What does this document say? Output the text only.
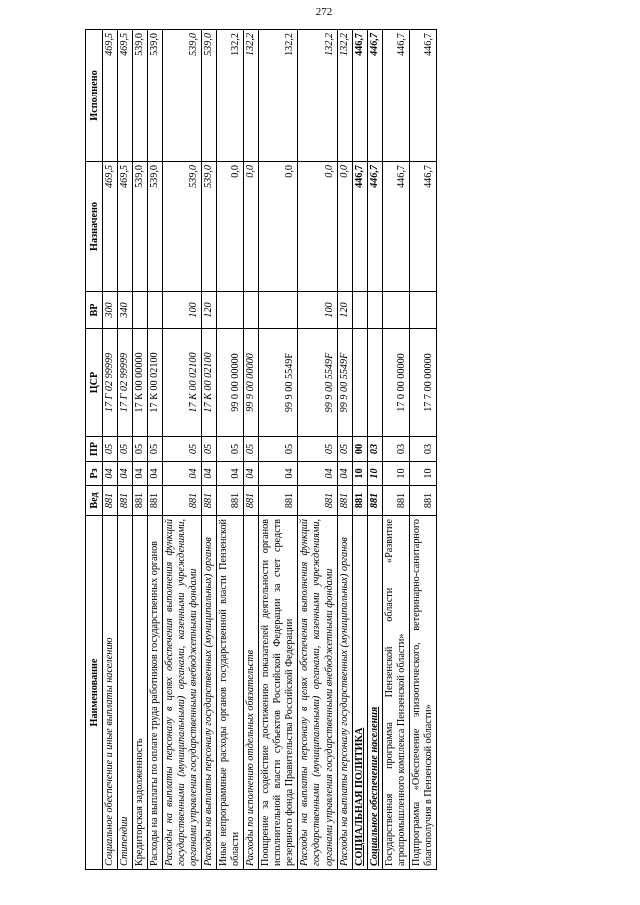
272
Наименование	Вед	Рз	ПР	ЦСР	ВР	Назначено	Исполнено
Социальное обеспечение и иные выплаты населению	881	04	05	17 Г 02 99999	300	469,5	469,5
Стипендии	881	04	05	17 Г 02 99999	340	469,5	469,5
Кредиторская задолженность	881	04	05	17 К 00 00000		539,0	539,0
Расходы на выплаты по оплате труда работников государственных органов	881	04	05	17 К 00 02100		539,0	539,0
Расходы на выплаты персоналу в целях обеспечения выполнения функций государственными (муниципальными) органами, казенными учреждениями, органами управления государственными внебюджетными фондами	881	04	05	17 К 00 02100	100	539,0	539,0
Расходы на выплаты персоналу государственных (муниципальных) органов	881	04	05	17 К 00 02100	120	539,0	539,0
Иные непрограммные расходы органов государственной власти Пензенской области	881	04	05	99 0 00 00000		0,0	132,2
Расходы по исполнению отдельных обязательств	881	04	05	99 9 00 00000		0,0	132,2
Поощрение за содействие достижению показателей деятельности органов исполнительной власти субъектов Российской Федерации за счет средств резервного фонда Правительства Российской Федерации	881	04	05	99 9 00 5549F		0,0	132,2
Расходы на выплаты персоналу в целях обеспечения выполнения функций государственными (муниципальными) органами, казенными учреждениями, органами управления государственными внебюджетными фондами	881	04	05	99 9 00 5549F	100	0,0	132,2
Расходы на выплаты персоналу государственных (муниципальных) органов	881	04	05	99 9 00 5549F	120	0,0	132,2
СОЦИАЛЬНАЯ ПОЛИТИКА	881	10	00			446,7	446,7
Социальное обеспечение населения	881	10	03			446,7	446,7
Государственная программа Пензенской области «Развитие агропромышленного комплекса Пензенской области»	881	10	03	17 0 00 00000		446,7	446,7
Подпрограмма «Обеспечение эпизоотического, ветеринарно-санитарного благополучия в Пензенской области»	881	10	03	17 7 00 00000		446,7	446,7
